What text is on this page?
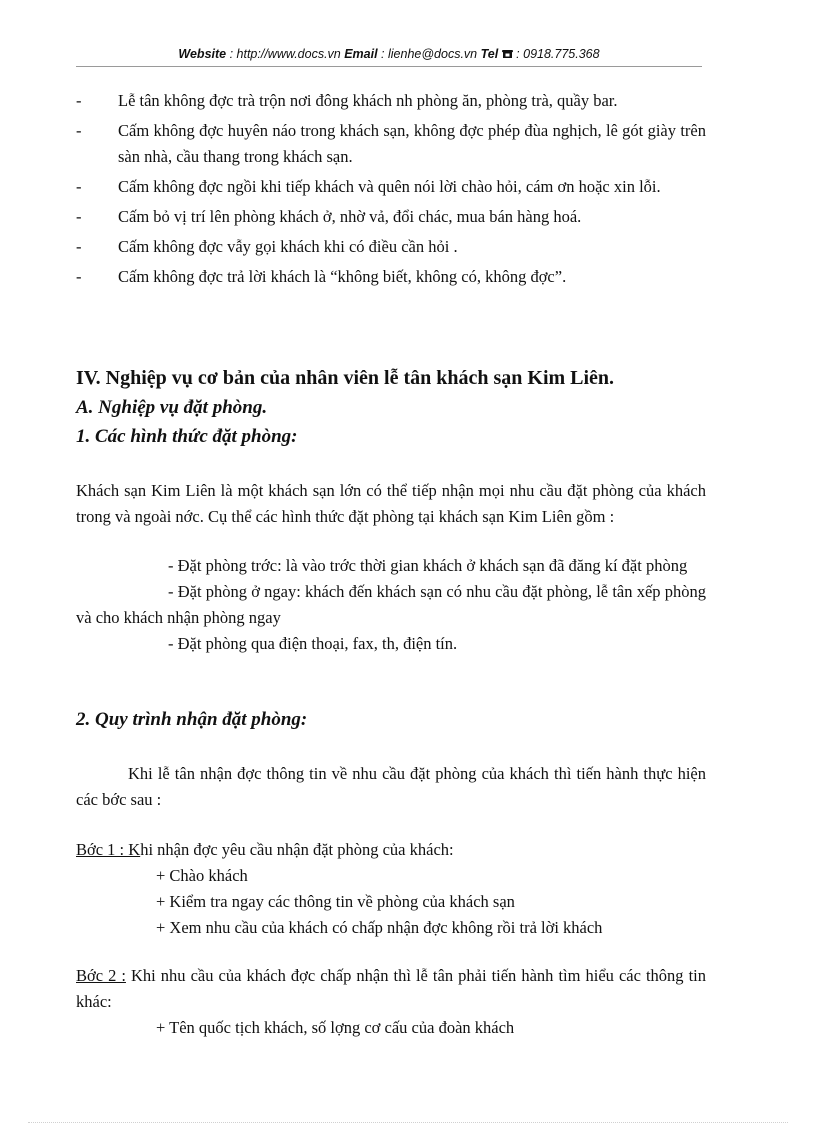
Website : http://www.docs.vn Email : lienhe@docs.vn Tel  : 0918.775.368
- Lễ tân không đợc trà trộn nơi đông khách nh phòng ăn, phòng trà, quầy bar.
- Cấm không đợc huyên náo trong khách sạn, không đợc phép đùa nghịch, lê gót giày trên sàn nhà, cầu thang trong khách sạn.
- Cấm không đợc ngồi khi tiếp khách và quên nói lời chào hỏi, cám ơn hoặc xin lỗi.
- Cấm bỏ vị trí lên phòng khách ở, nhờ vả, đổi chác, mua bán hàng hoá.
- Cấm không đợc vẫy gọi khách khi có điều cần hỏi .
- Cấm không đợc trả lời khách là “không biết, không có, không đợc”.
IV. Nghiệp vụ cơ bản của nhân viên lễ tân khách sạn Kim Liên.
A. Nghiệp vụ đặt phòng.
1. Các hình thức đặt phòng:
Khách sạn Kim Liên là một khách sạn lớn có thể tiếp nhận mọi nhu cầu đặt phòng của khách trong và ngoài nớc. Cụ thể các hình thức đặt phòng tại khách sạn Kim Liên gồm :
- Đặt phòng trớc: là vào trớc thời gian khách ở khách sạn đã đăng kí đặt phòng
- Đặt phòng ở ngay: khách đến khách sạn có nhu cầu đặt phòng, lễ tân xếp phòng và cho khách nhận phòng ngay
- Đặt phòng qua điện thoại, fax, th, điện tín.
2. Quy trình nhận đặt phòng:
Khi lễ tân nhận đợc thông tin về nhu cầu đặt phòng của khách thì tiến hành thực hiện các bớc sau :
Bớc 1 : Khi nhận đợc yêu cầu nhận đặt phòng của khách:
+ Chào khách
+ Kiểm tra ngay các thông tin về phòng của khách sạn
+ Xem nhu cầu của khách có chấp nhận đợc không rồi trả lời khách
Bớc 2 : Khi nhu cầu của khách đợc chấp nhận thì lễ tân phải tiến hành tìm hiểu các thông tin khác:
+ Tên quốc tịch khách, số lợng cơ cấu của đoàn khách
